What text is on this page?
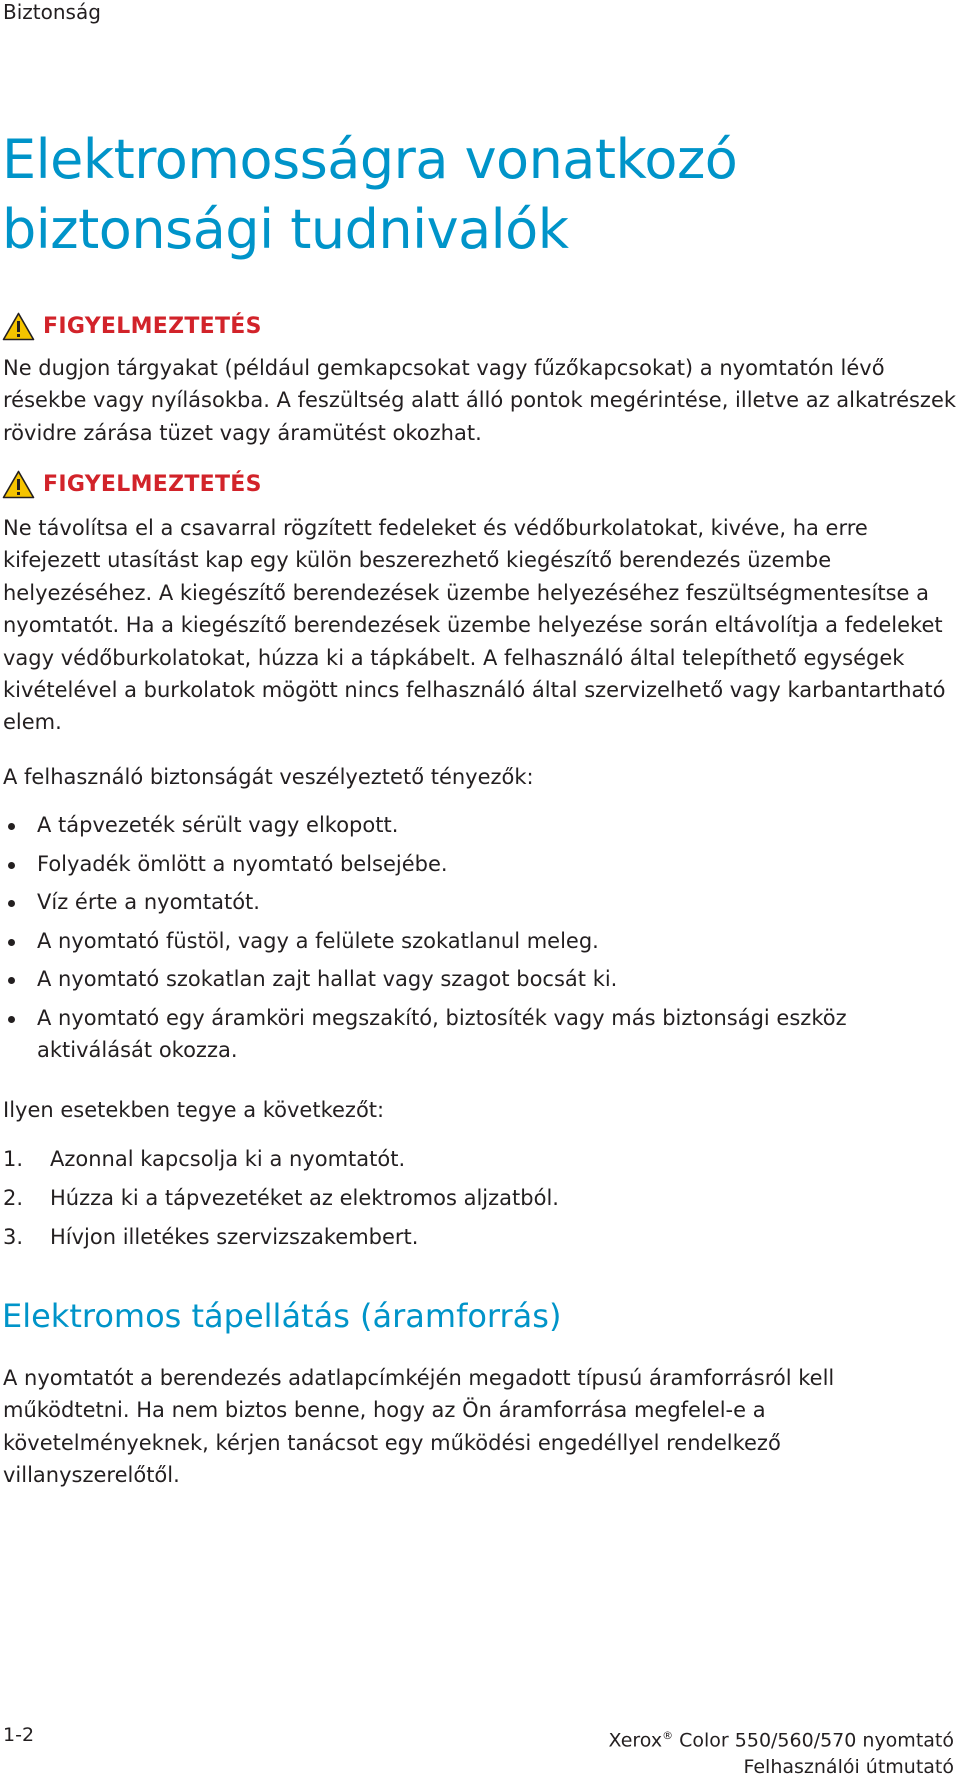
Biztonság
Elektromosságra vonatkozó biztonsági tudnivalók
FIGYELMEZTETÉS

Ne dugjon tárgyakat (például gemkapcsokat vagy fűzőkapcsokat) a nyomtatón lévő résekbe vagy nyílásokba. A feszültség alatt álló pontok megérintése, illetve az alkatrészek rövidre zárása tüzet vagy áramütést okozhat.

FIGYELMEZTETÉS

Ne távolítsa el a csavarral rögzített fedeleket és védőburkolatokat, kivéve, ha erre kifejezett utasítást kap egy külön beszerezhető kiegészítő berendezés üzembe helyezéséhez. A kiegészítő berendezések üzembe helyezéséhez feszültségmentesítse a nyomtatót. Ha a kiegészítő berendezések üzembe helyezése során eltávolítja a fedeleket vagy védőburkolatokat, húzza ki a tápkábelt. A felhasználó által telepíthető egységek kivételével a burkolatok mögött nincs felhasználó által szervizelhető vagy karbantartható elem.

A felhasználó biztonságát veszélyeztető tényezők:

A tápvezeték sérült vagy elkopott.
Folyadék ömlött a nyomtató belsejébe.
Víz érte a nyomtatót.
A nyomtató füstöl, vagy a felülete szokatlanul meleg.
A nyomtató szokatlan zajt hallat vagy szagot bocsát ki.
A nyomtató egy áramköri megszakító, biztosíték vagy más biztonsági eszköz aktiválását okozza.

Ilyen esetekben tegye a következőt:

1.	Azonnal kapcsolja ki a nyomtatót.
2.	Húzza ki a tápvezetéket az elektromos aljzatból.
3.	Hívjon illetékes szervizszakembert.
Elektromos tápellátás (áramforrás)

A nyomtatót a berendezés adatlapcímkéjén megadott típusú áramforrásról kell működtetni. Ha nem biztos benne, hogy az Ön áramforrása megfelel-e a követelményeknek, kérjen tanácsot egy működési engedéllyel rendelkező villanyszerelőtől.

1-2	Xerox® Color 550/560/570 nyomtató
Felhasználói útmutató
